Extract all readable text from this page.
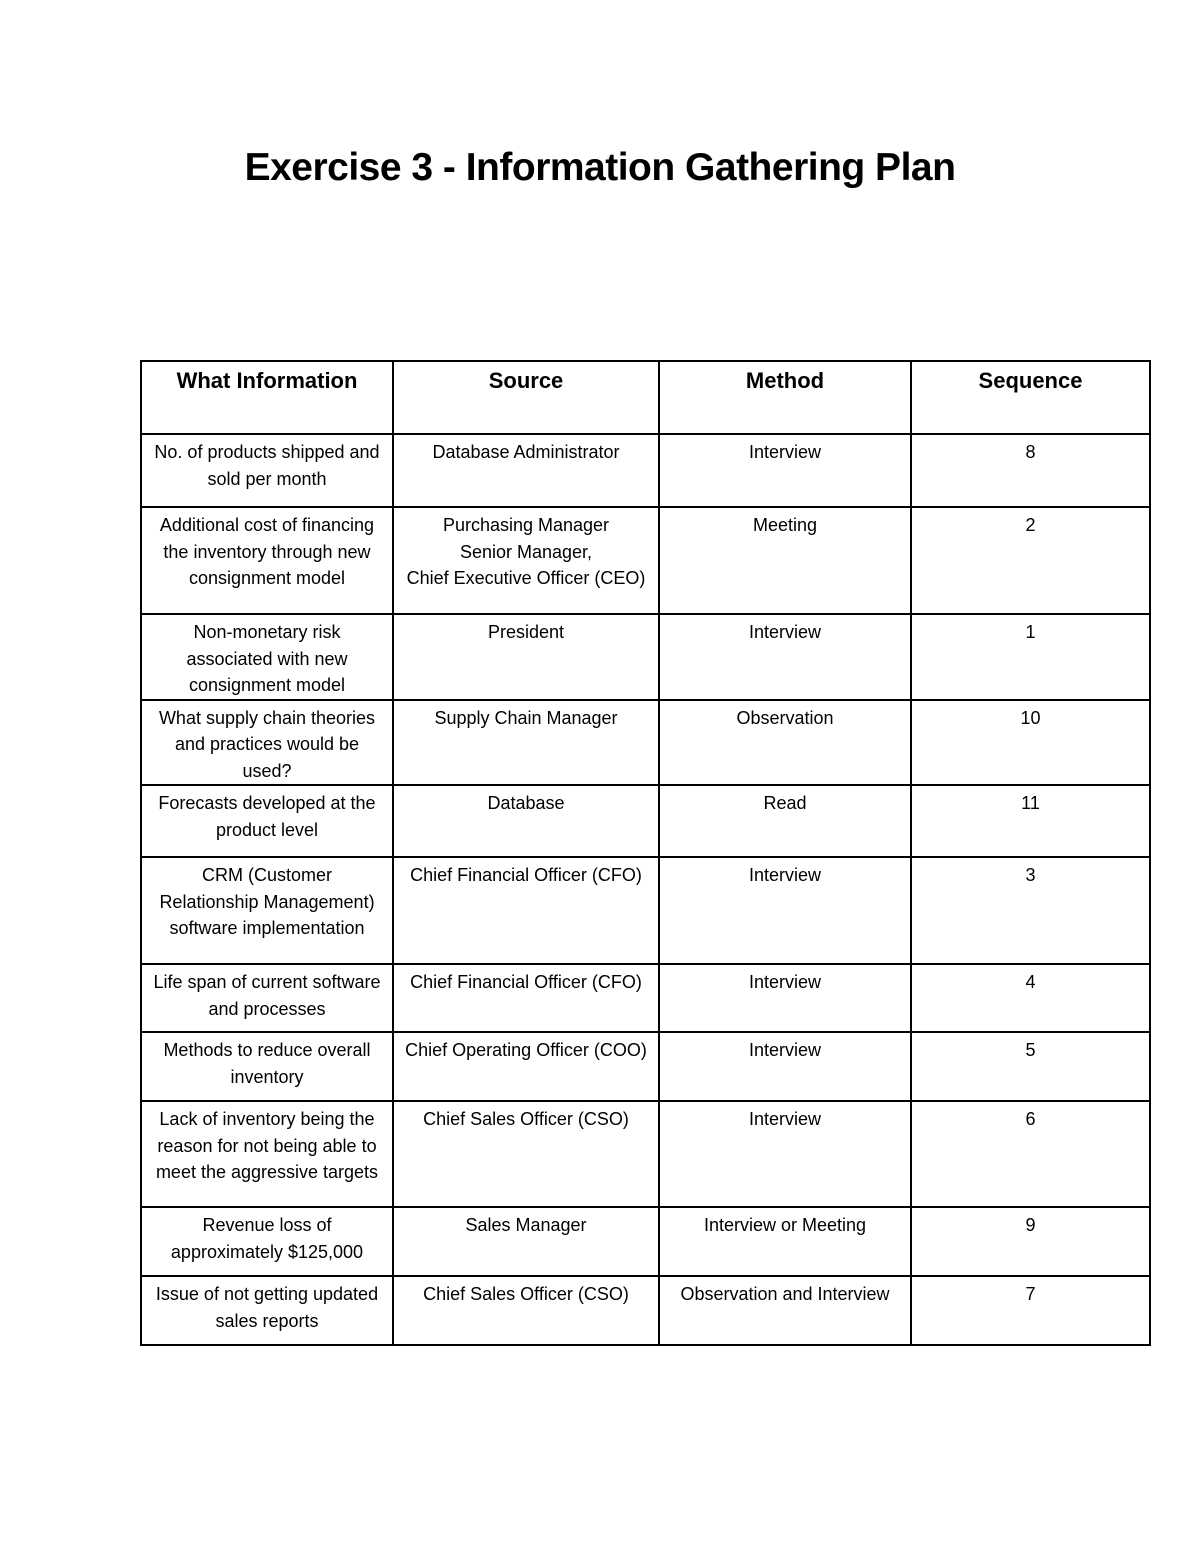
Exercise 3 - Information Gathering Plan
What Information	Source	Method	Sequence
No. of products shipped and sold per month	Database Administrator	Interview	8
Additional cost of financing the inventory through new consignment model	Purchasing Manager
Senior Manager,
Chief Executive Officer (CEO)	Meeting	2
Non-monetary risk associated with new consignment model	President	Interview	1
What supply chain theories and practices would be used?	Supply Chain Manager	Observation	10
Forecasts developed at the product level	Database	Read	11
CRM (Customer Relationship Management) software implementation	Chief Financial Officer (CFO)	Interview	3
Life span of current software and processes	Chief Financial Officer (CFO)	Interview	4
Methods to reduce overall inventory	Chief Operating Officer (COO)	Interview	5
Lack of inventory being the reason for not being able to meet the aggressive targets	Chief Sales Officer (CSO)	Interview	6
Revenue loss of approximately $125,000	Sales Manager	Interview or Meeting	9
Issue of not getting updated sales reports	Chief Sales Officer (CSO)	Observation and Interview	7
